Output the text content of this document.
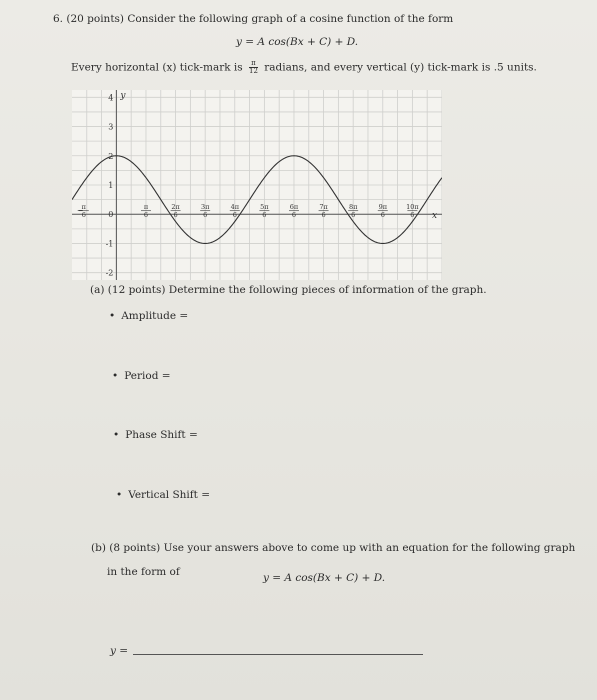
6. (20 points) Consider the following graph of a cosine function of the form
y = A cos(Bx + C) + D.
Every horizontal (x) tick-mark is $\frac{\pi}{12}$ radians, and every vertical (y) tick-mark is .5 units.
y
x
4
3
2
1
0
-1
-2
−
π
6
π
6
2π
6
3π
6
4π
6
5π
6
6π
6
7π
6
8π
6
9π
6
10π
6
(a) (12 points) Determine the following pieces of information of the graph.
• Amplitude =
• Period =
• Phase Shift =
• Vertical Shift =
(b) (8 points) Use your answers above to come up with an equation for the following graph
in the form of	y = A cos(Bx + C) + D.
y =
